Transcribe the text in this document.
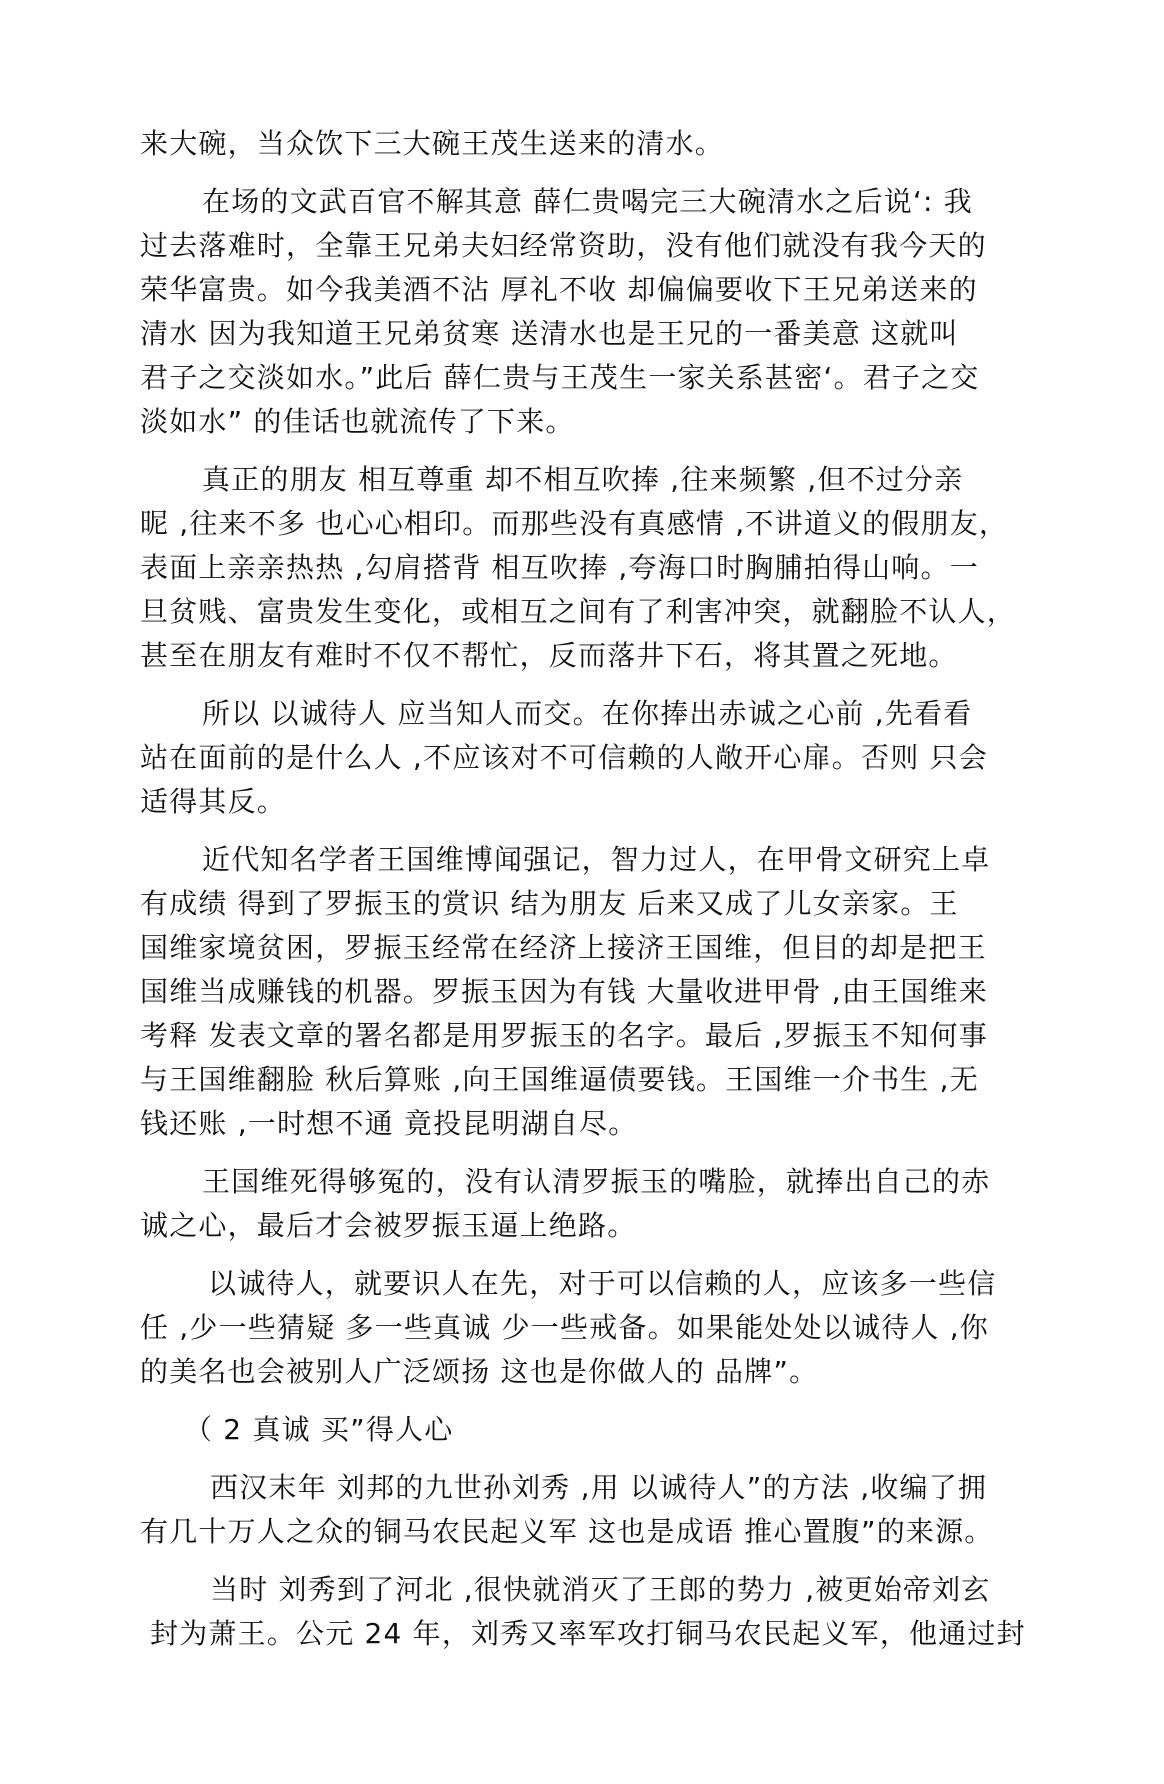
来大碗，当众饮下三大碗王茂生送来的清水。
在场的文武百官不解其意 薛仁贵喝完三大碗清水之后说‘: 我
过去落难时，全靠王兄弟夫妇经常资助，没有他们就没有我今天的
荣华富贵。如今我美酒不沾 厚礼不收 却偏偏要收下王兄弟送来的
清水 因为我知道王兄弟贫寒 送清水也是王兄的一番美意 这就叫
君子之交淡如水。”此后 薛仁贵与王茂生一家关系甚密‘。君子之交
淡如水” 的佳话也就流传了下来。
真正的朋友 相互尊重 却不相互吹捧 ,往来频繁 ,但不过分亲
昵 ,往来不多 也心心相印。而那些没有真感情 ,不讲道义的假朋友，
表面上亲亲热热 ,勾肩搭背 相互吹捧 ,夸海口时胸脯拍得山响。一
旦贫贱、富贵发生变化，或相互之间有了利害冲突，就翻脸不认人，
甚至在朋友有难时不仅不帮忙，反而落井下石，将其置之死地。
所以 以诚待人 应当知人而交。在你捧出赤诚之心前 ,先看看
站在面前的是什么人 ,不应该对不可信赖的人敞开心扉。否则 只会
适得其反。
近代知名学者王国维博闻强记，智力过人，在甲骨文研究上卓
有成绩 得到了罗振玉的赏识 结为朋友 后来又成了儿女亲家。王
国维家境贫困，罗振玉经常在经济上接济王国维，但目的却是把王
国维当成赚钱的机器。罗振玉因为有钱 大量收进甲骨 ,由王国维来
考释 发表文章的署名都是用罗振玉的名字。最后 ,罗振玉不知何事
与王国维翻脸 秋后算账 ,向王国维逼债要钱。王国维一介书生 ,无
钱还账 ,一时想不通 竟投昆明湖自尽。
王国维死得够冤的，没有认清罗振玉的嘴脸，就捧出自己的赤
诚之心，最后才会被罗振玉逼上绝路。
以诚待人，就要识人在先，对于可以信赖的人，应该多一些信
任 ,少一些猜疑 多一些真诚 少一些戒备。如果能处处以诚待人 ,你
的美名也会被别人广泛颂扬 这也是你做人的 品牌”。
（ 2 真诚 买”得人心
西汉末年 刘邦的九世孙刘秀 ,用 以诚待人”的方法 ,收编了拥
有几十万人之众的铜马农民起义军 这也是成语 推心置腹”的来源。
当时 刘秀到了河北 ,很快就消灭了王郎的势力 ,被更始帝刘玄
封为萧王。公元 24 年，刘秀又率军攻打铜马农民起义军，他通过封
